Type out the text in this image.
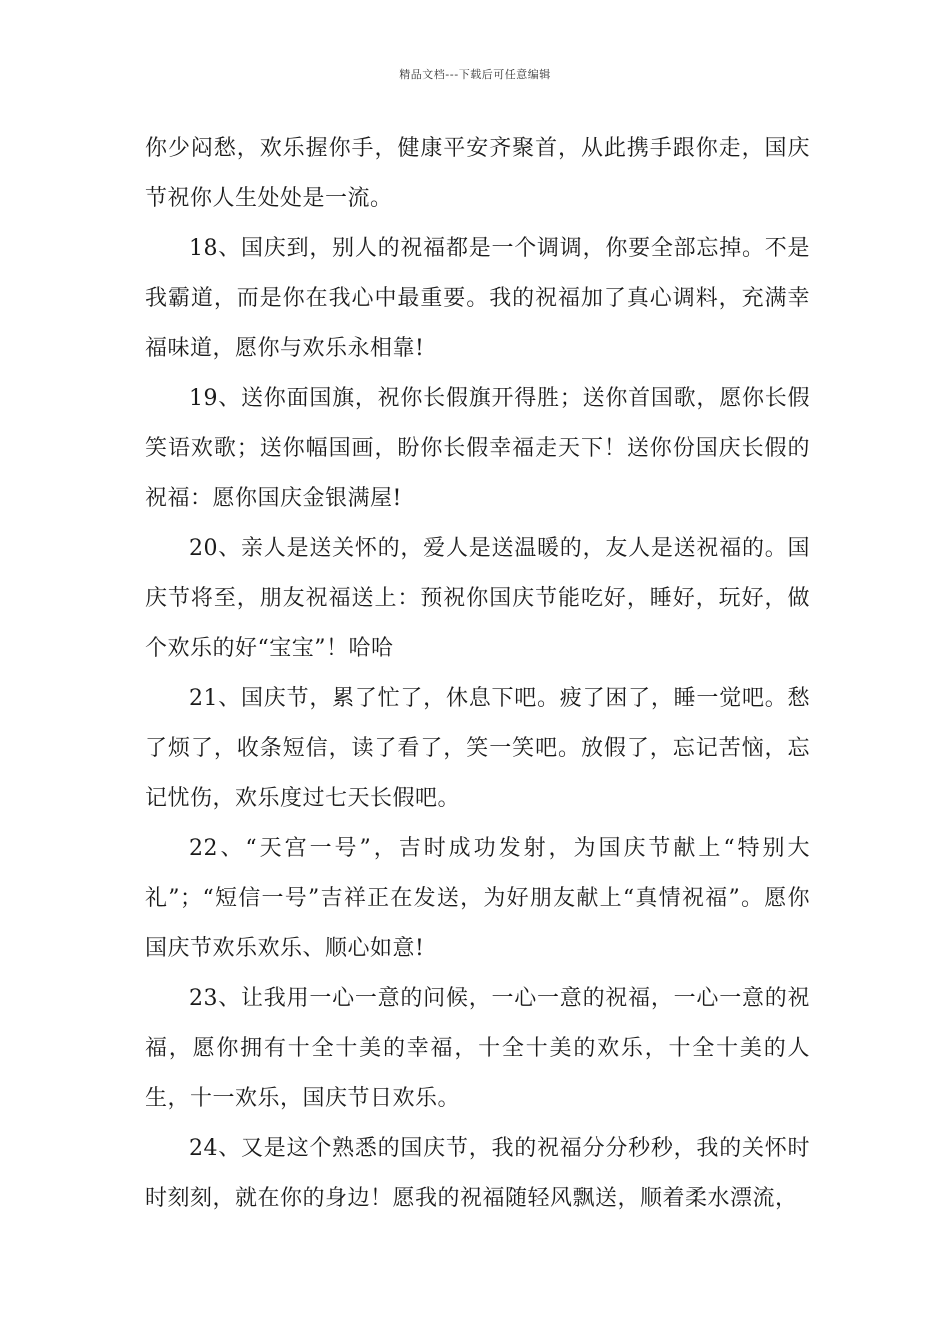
精品文档---下载后可任意编辑

你少闷愁，欢乐握你手，健康平安齐聚首，从此携手跟你走，国庆节祝你人生处处是一流。

18、国庆到，别人的祝福都是一个调调，你要全部忘掉。不是我霸道，而是你在我心中最重要。我的祝福加了真心调料，充满幸福味道，愿你与欢乐永相靠!

19、送你面国旗，祝你长假旗开得胜；送你首国歌，愿你长假笑语欢歌；送你幅国画，盼你长假幸福走天下！送你份国庆长假的祝福：愿你国庆金银满屋!

20、亲人是送关怀的，爱人是送温暖的，友人是送祝福的。国庆节将至，朋友祝福送上：预祝你国庆节能吃好，睡好，玩好，做个欢乐的好“宝宝”！哈哈

21、国庆节，累了忙了，休息下吧。疲了困了，睡一觉吧。愁了烦了，收条短信，读了看了，笑一笑吧。放假了，忘记苦恼，忘记忧伤，欢乐度过七天长假吧。

22、“天宫一号”，吉时成功发射，为国庆节献上“特别大礼”；“短信一号”吉祥正在发送，为好朋友献上“真情祝福”。愿你国庆节欢乐欢乐、顺心如意!

23、让我用一心一意的问候，一心一意的祝福，一心一意的祝福，愿你拥有十全十美的幸福，十全十美的欢乐，十全十美的人生，十一欢乐，国庆节日欢乐。

24、又是这个熟悉的国庆节，我的祝福分分秒秒，我的关怀时时刻刻，就在你的身边！愿我的祝福随轻风飘送，顺着柔水漂流，
